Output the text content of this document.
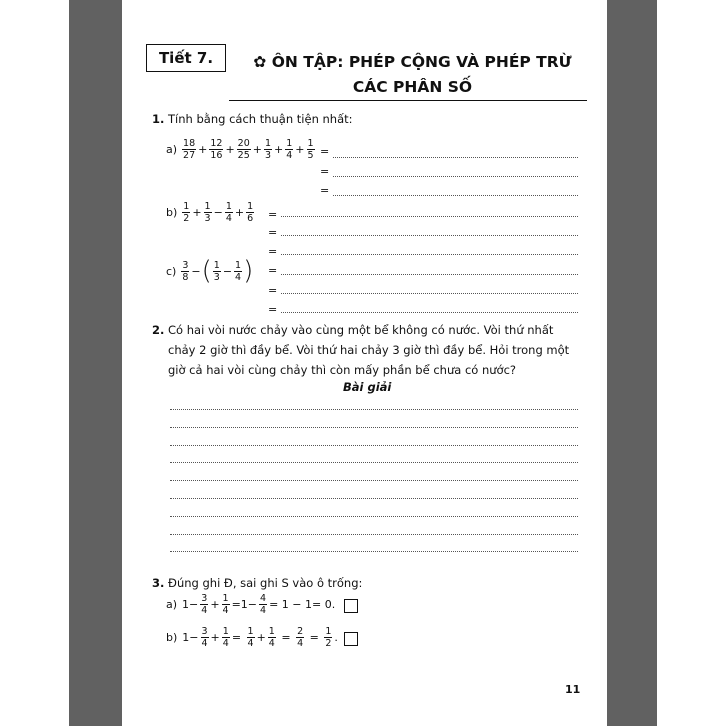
Tiết 7.	✿ ÔN TẬP: PHÉP CỘNG VÀ PHÉP TRỪ
CÁC PHÂN SỐ
1. Tính bằng cách thuận tiện nhất:
$a) \frac{18}{27} + \frac{12}{16} + \frac{20}{25} + \frac{1}{3} + \frac{1}{4} + \frac{1}{5}$ =
=
=
$b) \frac{1}{2} + \frac{1}{3} - \frac{1}{4} + \frac{1}{6}$ =
=
=
$c) \frac{3}{8}$ − ( $\frac{1}{3} - \frac{1}{4}$ ) =
=
=
2. Có hai vòi nước chảy vào cùng một bể không có nước. Vòi thứ nhất
chảy 2 giờ thì đầy bể. Vòi thứ hai chảy 3 giờ thì đầy bể. Hỏi trong một
giờ cả hai vòi cùng chảy thì còn mấy phần bể chưa có nước?
Bài giải
3. Đúng ghi Đ, sai ghi S vào ô trống:
a) $1- \frac{3}{4} + \frac{1}{4} =1- \frac{4}{4} = 1 - 1= 0$.
b) $1- \frac{3}{4} + \frac{1}{4} = \frac{1}{4} + \frac{1}{4} = \frac{2}{4} = \frac{1}{2}$ .
11
